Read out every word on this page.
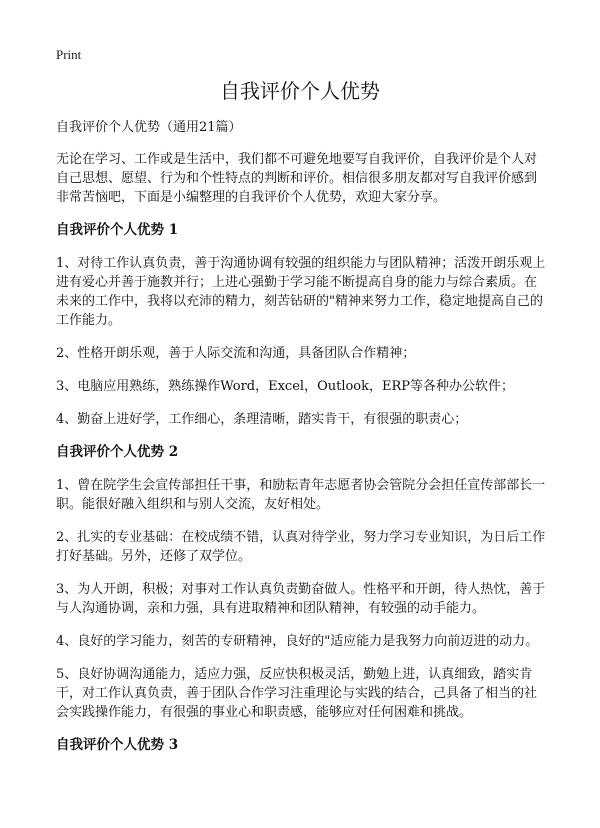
Print
自我评价个人优势

自我评价个人优势（通用21篇）

无论在学习、工作或是生活中，我们都不可避免地要写自我评价，自我评价是个人对自己思想、愿望、行为和个性特点的判断和评价。相信很多朋友都对写自我评价感到非常苦恼吧，下面是小编整理的自我评价个人优势，欢迎大家分享。

自我评价个人优势 1

1、对待工作认真负责，善于沟通协调有较强的组织能力与团队精神；活泼开朗乐观上进有爱心并善于施教并行；上进心强勤于学习能不断提高自身的能力与综合素质。在未来的工作中，我将以充沛的精力，刻苦钻研的"精神来努力工作，稳定地提高自己的工作能力。

2、性格开朗乐观，善于人际交流和沟通，具备团队合作精神；

3、电脑应用熟练，熟练操作Word，Excel，Outlook，ERP等各种办公软件；

4、勤奋上进好学，工作细心，条理清晰，踏实肯干，有很强的职责心；

自我评价个人优势 2

1、曾在院学生会宣传部担任干事，和励耘青年志愿者协会管院分会担任宣传部部长一职。能很好融入组织和与别人交流，友好相处。

2、扎实的专业基础：在校成绩不错，认真对待学业，努力学习专业知识，为日后工作打好基础。另外，还修了双学位。

3、为人开朗，积极；对事对工作认真负责勤奋做人。性格平和开朗，待人热忱，善于与人沟通协调，亲和力强，具有进取精神和团队精神，有较强的动手能力。

4、良好的学习能力，刻苦的专研精神，良好的"适应能力是我努力向前迈进的动力。

5、良好协调沟通能力，适应力强，反应快积极灵活，勤勉上进，认真细致，踏实肯干，对工作认真负责，善于团队合作学习注重理论与实践的结合，己具备了相当的社会实践操作能力，有很强的事业心和职责感，能够应对任何困难和挑战。

自我评价个人优势 3
